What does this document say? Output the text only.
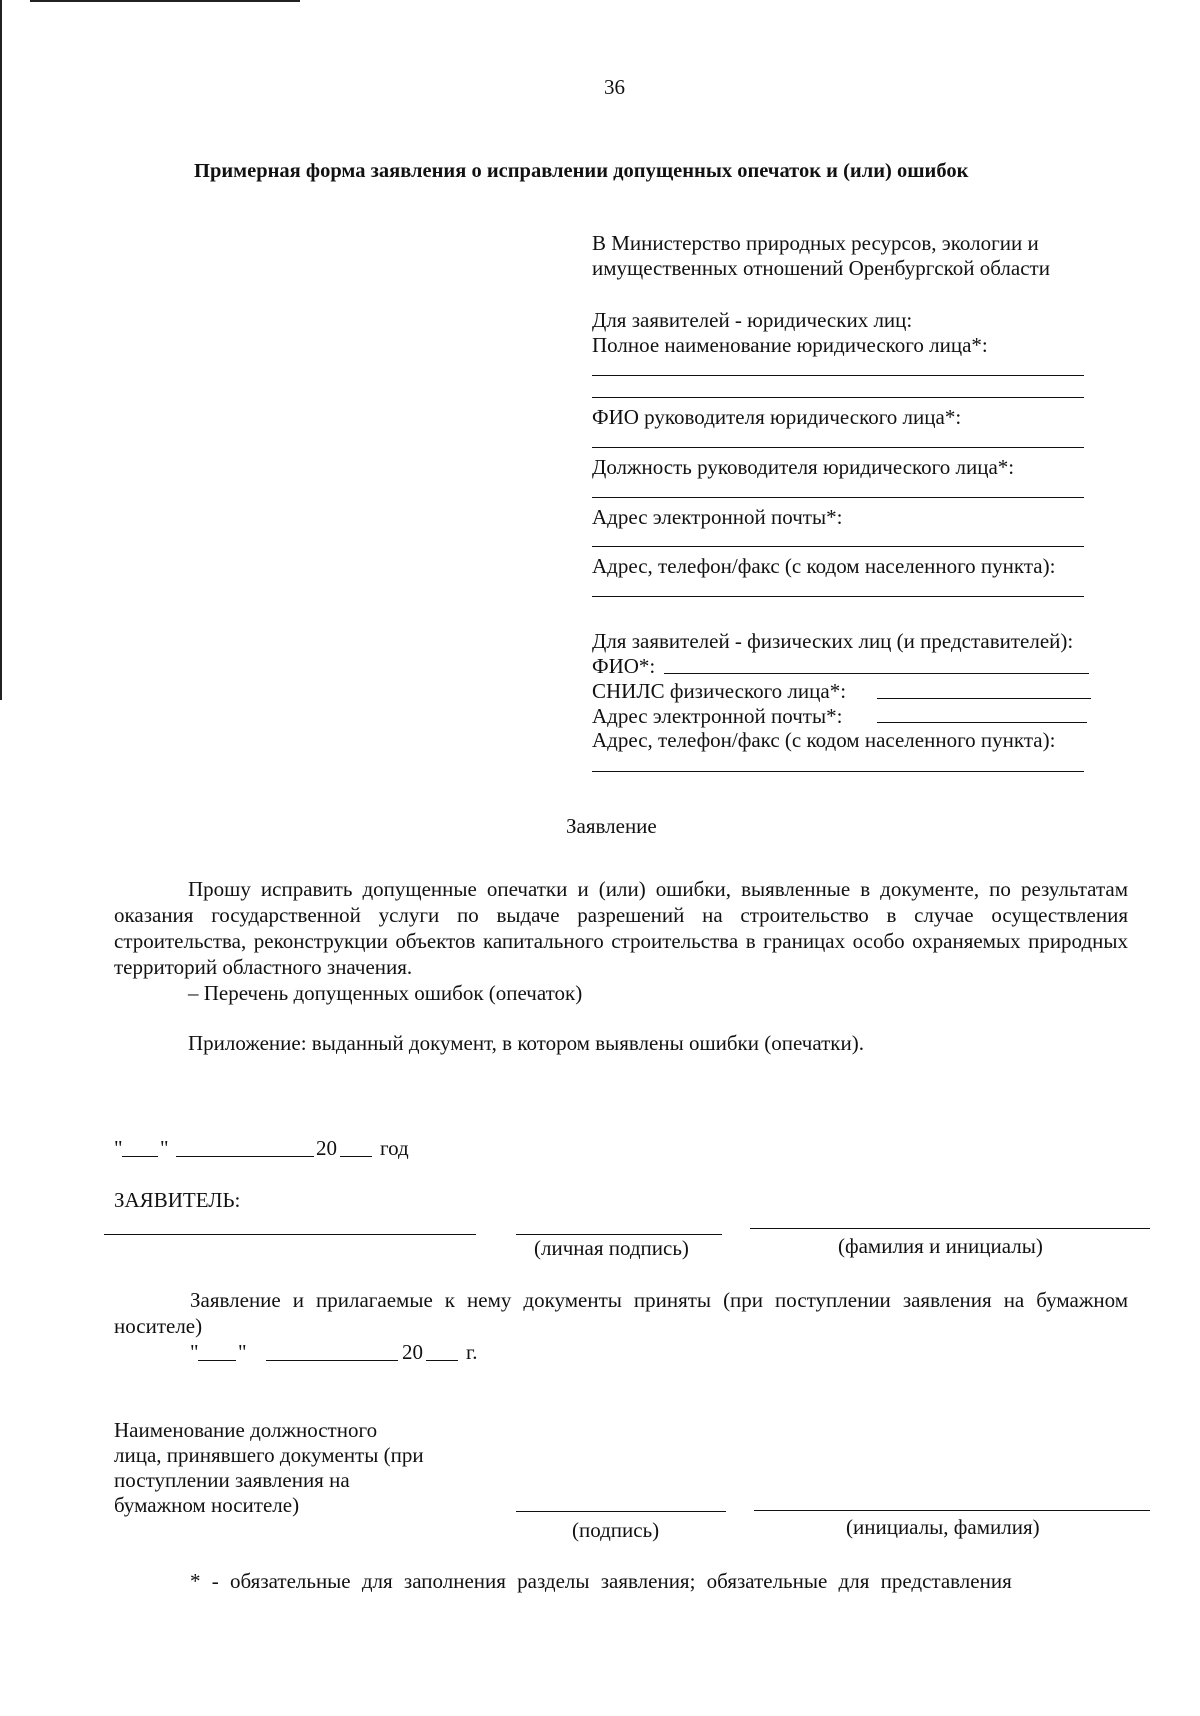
36
Примерная форма заявления о исправлении допущенных опечаток и (или) ошибок
В Министерство природных ресурсов, экологии и
имущественных отношений Оренбургской области
Для заявителей - юридических лиц:
Полное наименование юридического лица*:
ФИО руководителя юридического лица*:
Должность руководителя юридического лица*:
Адрес электронной почты*:
Адрес, телефон/факс (с кодом населенного пункта):
Для заявителей - физических лиц (и представителей):
ФИО*:
СНИЛС физического лица*:
Адрес электронной почты*:
Адрес, телефон/факс (с кодом населенного пункта):
Заявление
Прошу исправить допущенные опечатки и (или) ошибки, выявленные в документе, по результатам оказания государственной услуги по выдаче разрешений на строительство в случае осуществления строительства, реконструкции объектов капитального строительства в границах особо охраняемых природных территорий областного значения.
– Перечень допущенных ошибок (опечаток)
Приложение: выданный документ, в котором выявлены ошибки (опечатки).
" "	20 год
ЗАЯВИТЕЛЬ:
(личная подпись)	(фамилия и инициалы)
Заявление и прилагаемые к нему документы приняты (при поступлении заявления на бумажном носителе)
" "	20 г.
Наименование должностного
лица, принявшего документы (при
поступлении заявления на
бумажном носителе)
(подпись)	(инициалы, фамилия)
* - обязательные для заполнения разделы заявления; обязательные для представления
